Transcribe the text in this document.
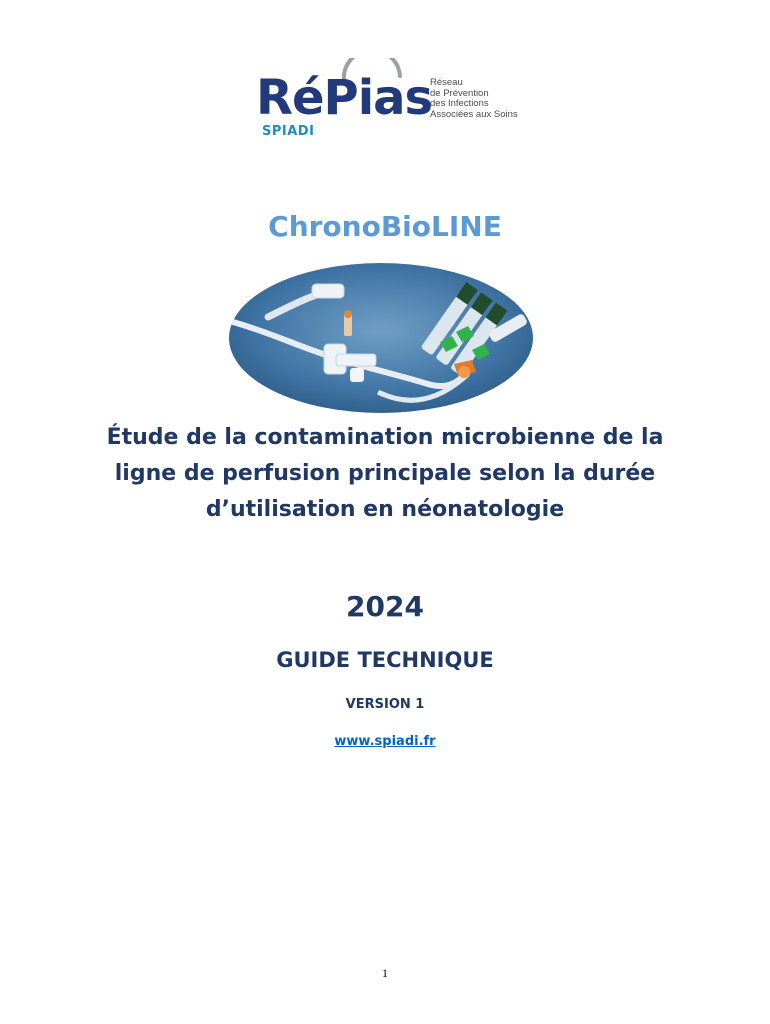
RéPias
SPIADI
Réseau
de Prévention
des Infections
Associées aux Soins
ChronoBioLINE
Étude de la contamination microbienne de la
ligne de perfusion principale selon la durée
d’utilisation en néonatologie
2024
GUIDE TECHNIQUE
VERSION 1
www.spiadi.fr
1
